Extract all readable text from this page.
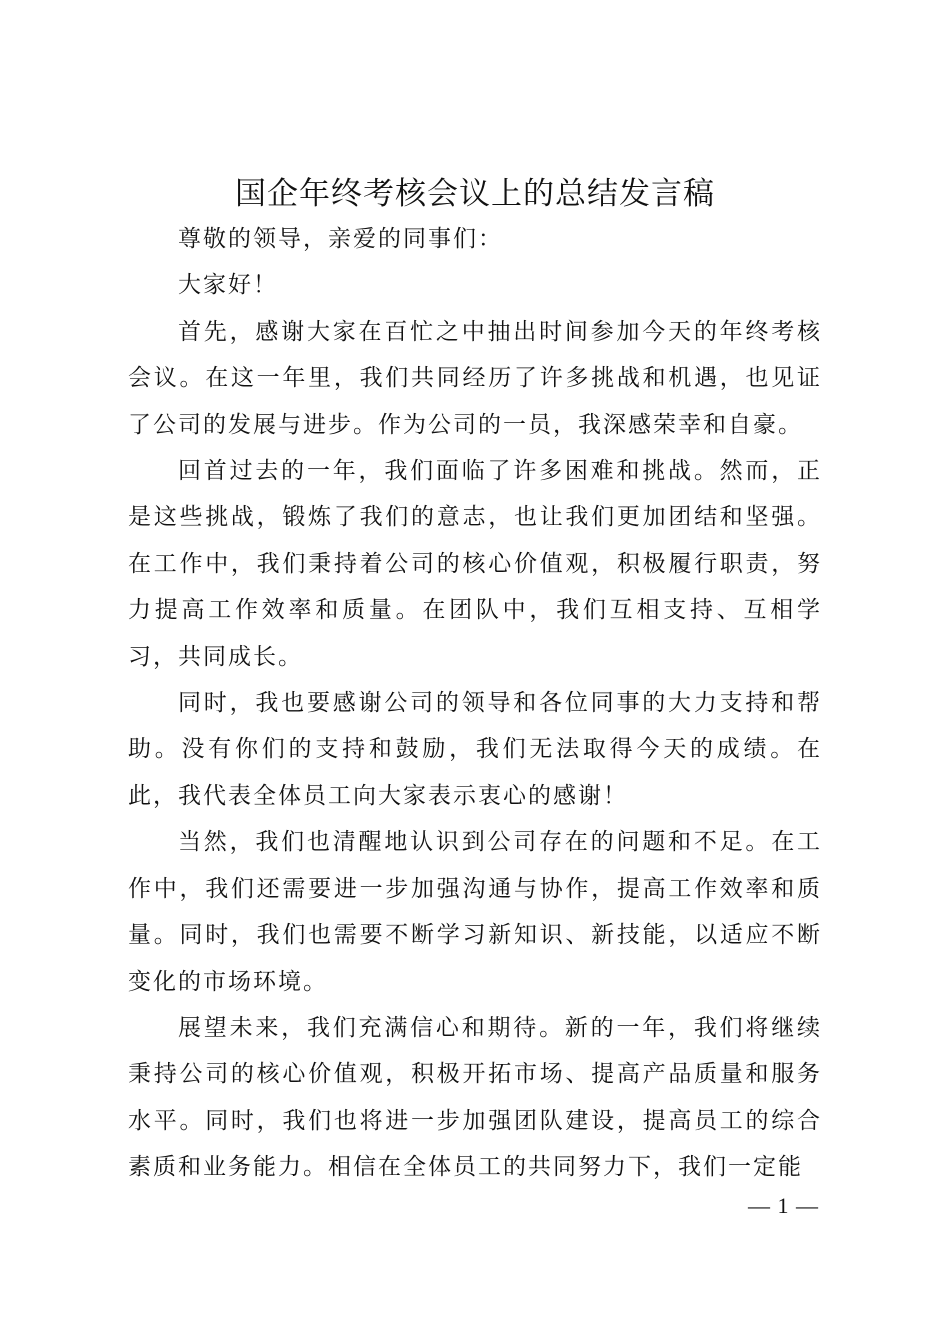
国企年终考核会议上的总结发言稿

尊敬的领导，亲爱的同事们：

大家好！

首先，感谢大家在百忙之中抽出时间参加今天的年终考核会议。在这一年里，我们共同经历了许多挑战和机遇，也见证了公司的发展与进步。作为公司的一员，我深感荣幸和自豪。

回首过去的一年，我们面临了许多困难和挑战。然而，正是这些挑战，锻炼了我们的意志，也让我们更加团结和坚强。在工作中，我们秉持着公司的核心价值观，积极履行职责，努力提高工作效率和质量。在团队中，我们互相支持、互相学习，共同成长。

同时，我也要感谢公司的领导和各位同事的大力支持和帮助。没有你们的支持和鼓励，我们无法取得今天的成绩。在此，我代表全体员工向大家表示衷心的感谢！

当然，我们也清醒地认识到公司存在的问题和不足。在工作中，我们还需要进一步加强沟通与协作，提高工作效率和质量。同时，我们也需要不断学习新知识、新技能，以适应不断变化的市场环境。

展望未来，我们充满信心和期待。新的一年，我们将继续秉持公司的核心价值观，积极开拓市场、提高产品质量和服务水平。同时，我们也将进一步加强团队建设，提高员工的综合素质和业务能力。相信在全体员工的共同努力下，我们一定能

— 1 —
